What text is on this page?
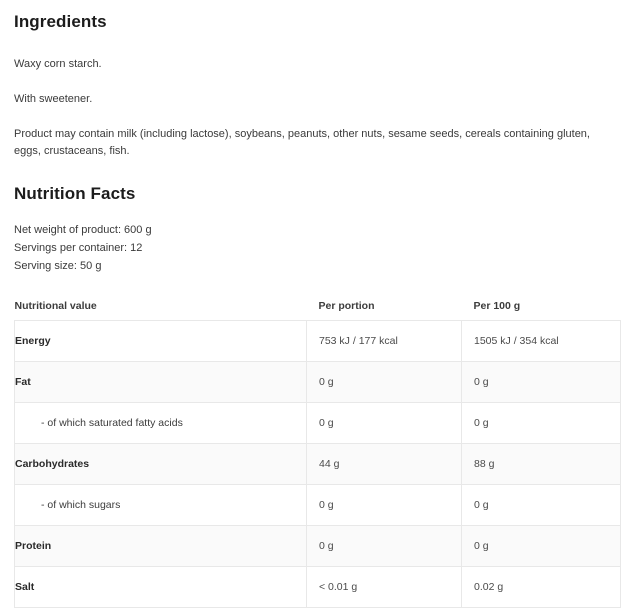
Ingredients

Waxy corn starch.

With sweetener.

Product may contain milk (including lactose), soybeans, peanuts, other nuts, sesame seeds, cereals containing gluten, eggs, crustaceans, fish.

Nutrition Facts
Net weight of product: 600 g
Servings per container: 12
Serving size: 50 g
Nutritional value	Per portion	Per 100 g
Energy	753 kJ / 177 kcal	1505 kJ / 354 kcal
Fat	0 g	0 g
- of which saturated fatty acids	0 g	0 g
Carbohydrates	44 g	88 g
- of which sugars	0 g	0 g
Protein	0 g	0 g
Salt	< 0.01 g	0.02 g
